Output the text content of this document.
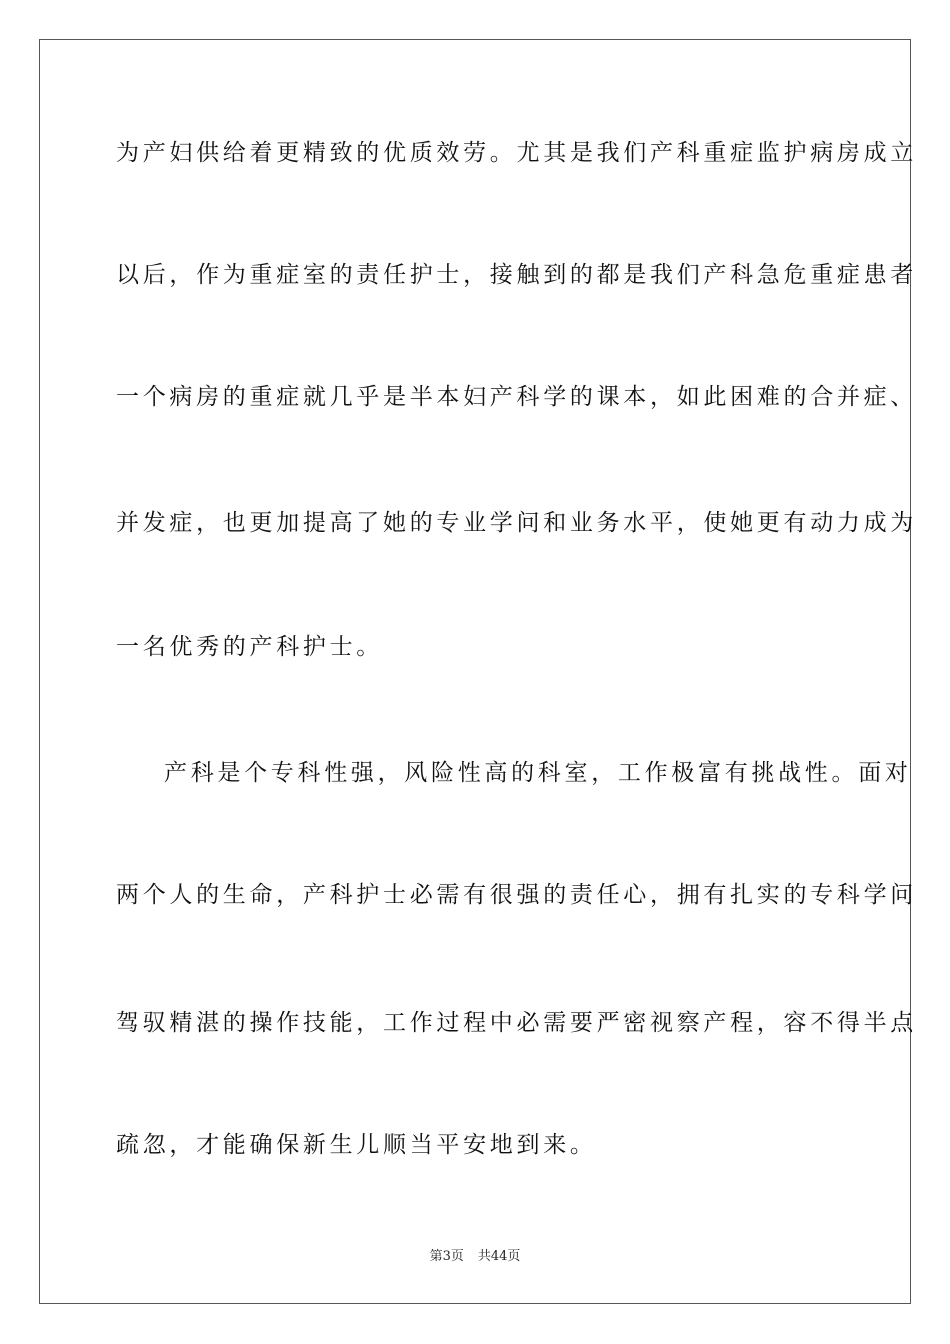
为产妇供给着更精致的优质效劳。尤其是我们产科重症监护病房成立
以后，作为重症室的责任护士，接触到的都是我们产科急危重症患者
一个病房的重症就几乎是半本妇产科学的课本，如此困难的合并症、
并发症，也更加提高了她的专业学问和业务水平，使她更有动力成为
一名优秀的产科护士。
产科是个专科性强，风险性高的科室，工作极富有挑战性。面对
两个人的生命，产科护士必需有很强的责任心，拥有扎实的专科学问
驾驭精湛的操作技能，工作过程中必需要严密视察产程，容不得半点
疏忽，才能确保新生儿顺当平安地到来。
第3页 共44页
